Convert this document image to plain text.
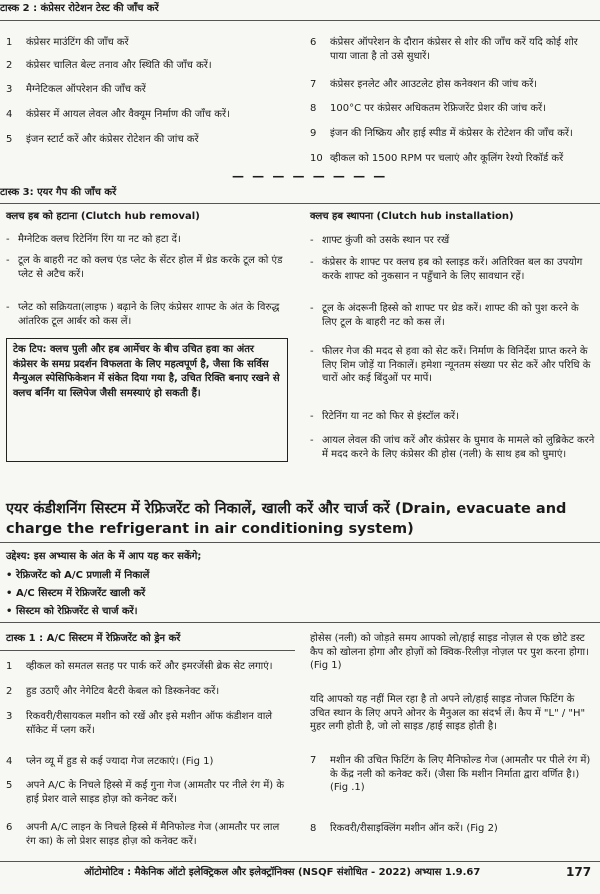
टास्क 2 : कंप्रेसर रोटेशन टेस्ट की जाँच करें
1	कंप्रेसर माउंटिंग की जाँच करें
2	कंप्रेसर चालित बेल्ट तनाव और स्थिति की जाँच करें।
3	मैग्नेटिकल ऑपरेशन की जाँच करें
4	कंप्रेसर में आयल लेवल और वैक्यूम निर्माण की जाँच करें।
5	इंजन स्टार्ट करें और कंप्रेसर रोटेशन की जांच करें
6	कंप्रेसर ऑपरेशन के दौरान कंप्रेसर से शोर की जाँच करें यदि कोई शोर पाया जाता है तो उसे सुधारें।
7	कंप्रेसर इनलेट और आउटलेट होस कनेक्शन की जांच करें।
8	100°C पर कंप्रेसर अधिकतम रेफ्रिजरेंट प्रेशर की जांच करें।
9	इंजन की निष्क्रिय और हाई स्पीड में कंप्रेसर के रोटेशन की जाँच करें।
10 व्हीकल को 1500 RPM पर चलाएं और कूलिंग रेश्यो रिकॉर्ड करें
— — — — — — — —
टास्क 3: एयर गैप की जाँच करें
क्लच हब को हटाना (Clutch hub removal)
- मैग्नेटिक क्लच रिटेनिंग रिंग या नट को हटा दें।
- टूल के बाहरी नट को क्लच एंड प्लेट के सेंटर होल में थ्रेड करके टूल को एंड प्लेट से अटैच करें।
- प्लेट को सक्रियता(लाइफ ) बढ़ाने के लिए कंप्रेसर शाफ्ट के अंत के विरुद्ध आंतरिक टूल आर्बर को कस लें।
टेक टिप: क्लच पुली और हब आर्मेचर के बीच उचित हवा का अंतर कंप्रेसर के समग्र प्रदर्शन विफलता के लिए महत्वपूर्ण है, जैसा कि सर्विस मैन्युअल स्पेसिफिकेशन में संकेत दिया गया है, उचित रिक्ति बनाए रखने से क्लच बर्निंग या स्लिपेज जैसी समस्याएं हो सकती हैं।
क्लच हब स्थापना (Clutch hub installation)
- शाफ्ट कुंजी को उसके स्थान पर रखें
- कंप्रेसर के शाफ्ट पर क्लच हब को स्लाइड करें। अतिरिक्त बल का उपयोग करके शाफ्ट को नुकसान न पहुँचाने के लिए सावधान रहें।
- टूल के अंदरूनी हिस्से को शाफ्ट पर थ्रेड करें। शाफ्ट की को पुश करने के लिए टूल के बाहरी नट को कस लें।
- फीलर गेज की मदद से हवा को सेट करें। निर्माण के विनिर्देश प्राप्त करने के लिए शिम जोड़ें या निकालें। हमेशा न्यूनतम संख्या पर सेट करें और परिधि के चारों ओर कई बिंदुओं पर मापें।
- रिटेनिंग या नट को फिर से इंस्टॉल करें।
- आयल लेवल की जांच करें और कंप्रेसर के घुमाव के मामले को लुब्रिकेट करने में मदद करने के लिए कंप्रेसर की होस (नली) के साथ हब को घुमाएं।
एयर कंडीशनिंग सिस्टम में रेफ्रिजरेंट को निकालें, खाली करें और चार्ज करें (Drain, evacuate and charge the refrigerant in air conditioning system)
उद्देश्य: इस अभ्यास के अंत के में आप यह कर सकेंगे;
• रेफ्रिजरेंट को A/C प्रणाली में निकालें
• A/C सिस्टम में रेफ्रिजरेंट खाली करें
• सिस्टम को रेफ्रिजरेंट से चार्ज करें।
टास्क 1 : A/C सिस्टम में रेफ्रिजरेंट को ड्रेन करें
1	व्हीकल को समतल सतह पर पार्क करें और इमरजेंसी ब्रेक सेट लगाएं।
2	हुड उठाएँ और नेगेटिव बैटरी केबल को डिस्कनेक्ट करें।
3	रिकवरी/रीसायकल मशीन को रखें और इसे मशीन ऑफ कंडीशन वाले सॉकेट में प्लग करें।
4	प्लेन व्यू में हुड से कई ज्यादा गेज लटकाएं। (Fig 1)
5	अपने A/C के निचले हिस्से में कई गुना गेज (आमतौर पर नीले रंग में) के हाई प्रेशर वाले साइड होज़ को कनेक्ट करें।
6	अपनी A/C लाइन के निचले हिस्से में मैनिफोल्ड गेज (आमतौर पर लाल रंग का) के लो प्रेशर साइड होज़ को कनेक्ट करें।
होसेस (नली) को जोड़ते समय आपको लो/हाई साइड नोज़ल से एक छोटे डस्ट कैप को खोलना होगा और होज़ों को क्विक-रिलीज़ नोज़ल पर पुश करना होगा। (Fig 1)
यदि आपको यह नहीं मिल रहा है तो अपने लो/हाई साइड नोजल फिटिंग के उचित स्थान के लिए अपने ओनर के मैनुअल का संदर्भ लें। कैप में "L" / "H" मुहर लगी होती है, जो लो साइड /हाई साइड होती है।
7	मशीन की उचित फिटिंग के लिए मैनिफोल्ड गेज (आमतौर पर पीले रंग में) के केंद्र नली को कनेक्ट करें। (जैसा कि मशीन निर्माता द्वारा वर्णित है।) (Fig .1)
8	रिकवरी/रीसाइक्लिंग मशीन ऑन करें। (Fig 2)
ऑटोमोटिव : मैकेनिक ऑटो इलेक्ट्रिकल और इलेक्ट्रॉनिक्स (NSQF संशोधित - 2022) अभ्यास 1.9.67	177
